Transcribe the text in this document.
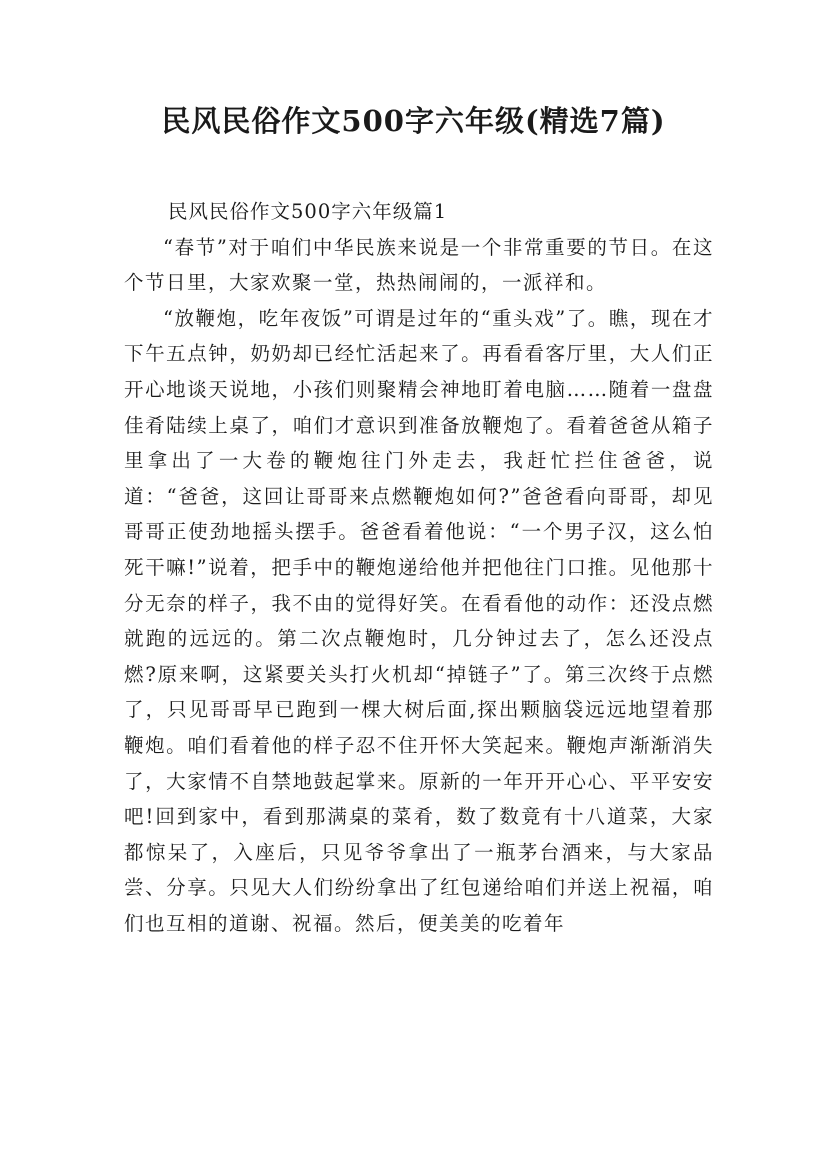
民风民俗作文500字六年级(精选7篇)
民风民俗作文500字六年级篇1

“春节”对于咱们中华民族来说是一个非常重要的节日。在这个节日里，大家欢聚一堂，热热闹闹的，一派祥和。

“放鞭炮，吃年夜饭”可谓是过年的“重头戏”了。瞧，现在才下午五点钟，奶奶却已经忙活起来了。再看看客厅里，大人们正开心地谈天说地，小孩们则聚精会神地盯着电脑……随着一盘盘佳肴陆续上桌了，咱们才意识到准备放鞭炮了。看着爸爸从箱子里拿出了一大卷的鞭炮往门外走去，我赶忙拦住爸爸，说道：“爸爸，这回让哥哥来点燃鞭炮如何?”爸爸看向哥哥，却见哥哥正使劲地摇头摆手。爸爸看着他说：“一个男子汉，这么怕死干嘛!”说着，把手中的鞭炮递给他并把他往门口推。见他那十分无奈的样子，我不由的觉得好笑。在看看他的动作：还没点燃就跑的远远的。第二次点鞭炮时，几分钟过去了，怎么还没点燃?原来啊，这紧要关头打火机却“掉链子”了。第三次终于点燃了，只见哥哥早已跑到一棵大树后面,探出颗脑袋远远地望着那鞭炮。咱们看着他的样子忍不住开怀大笑起来。鞭炮声渐渐消失了，大家情不自禁地鼓起掌来。原新的一年开开心心、平平安安吧!回到家中，看到那满桌的菜肴，数了数竟有十八道菜，大家都惊呆了，入座后，只见爷爷拿出了一瓶茅台酒来，与大家品尝、分享。只见大人们纷纷拿出了红包递给咱们并送上祝福，咱们也互相的道谢、祝福。然后，便美美的吃着年
